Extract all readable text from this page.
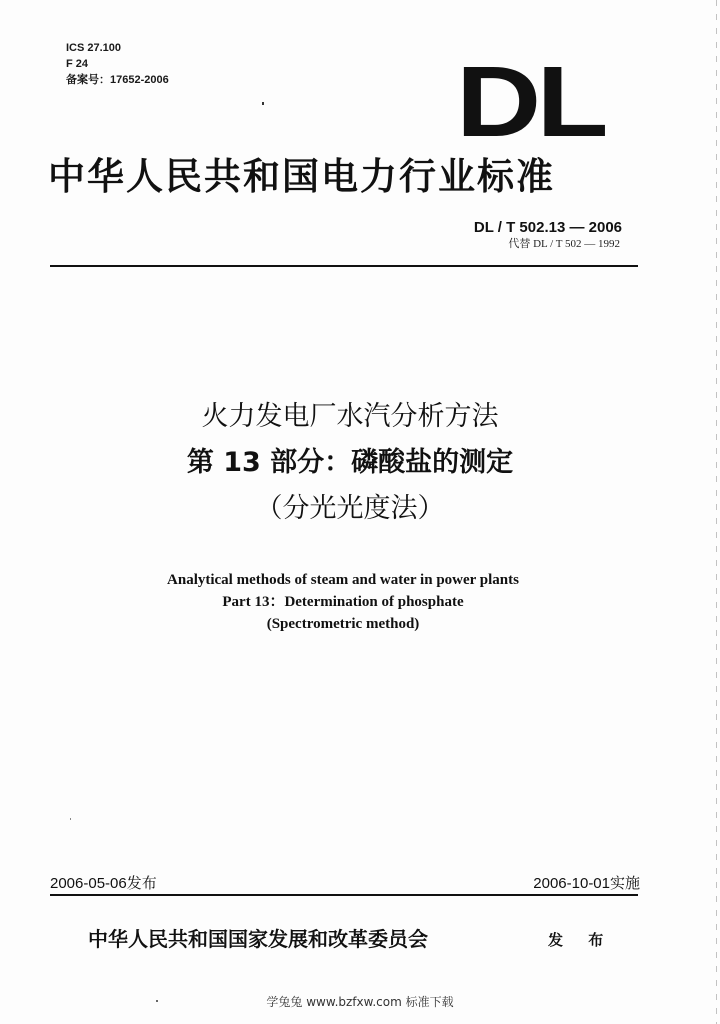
ICS 27.100
F 24
备案号：17652-2006	DL
中华人民共和国电力行业标准
DL / T 502.13 — 2006
代替 DL / T 502 — 1992
火力发电厂水汽分析方法
第 13 部分：磷酸盐的测定
（分光光度法）
Analytical methods of steam and water in power plants
Part 13：Determination of phosphate
(Spectrometric method)
2006-05-06发布	2006-10-01实施
中华人民共和国国家发展和改革委员会	发 布
学兔兔 www.bzfxw.com 标准下载
